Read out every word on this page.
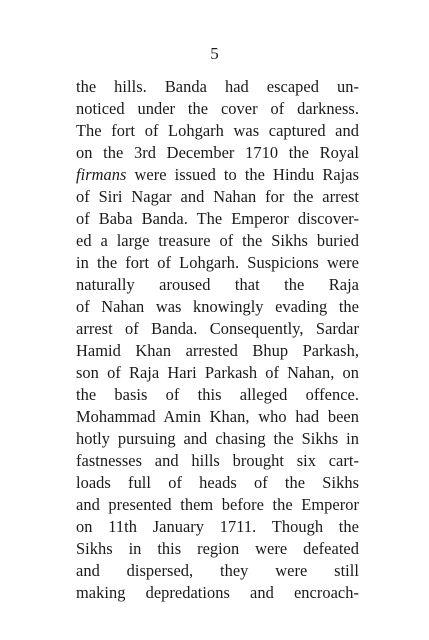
5
the hills. Banda had escaped un-
noticed under the cover of darkness.
The fort of Lohgarh was captured and
on the 3rd December 1710 the Royal
firmans were issued to the Hindu Rajas
of Siri Nagar and Nahan for the arrest
of Baba Banda. The Emperor discover-
ed a large treasure of the Sikhs buried
in the fort of Lohgarh. Suspicions were
naturally aroused that the Raja
of Nahan was knowingly evading the
arrest of Banda. Consequently, Sardar
Hamid Khan arrested Bhup Parkash,
son of Raja Hari Parkash of Nahan, on
the basis of this alleged offence.
Mohammad Amin Khan, who had been
hotly pursuing and chasing the Sikhs in
fastnesses and hills brought six cart-
loads full of heads of the Sikhs
and presented them before the Emperor
on 11th January 1711. Though the
Sikhs in this region were defeated
and dispersed, they were still
making depredations and encroach-
